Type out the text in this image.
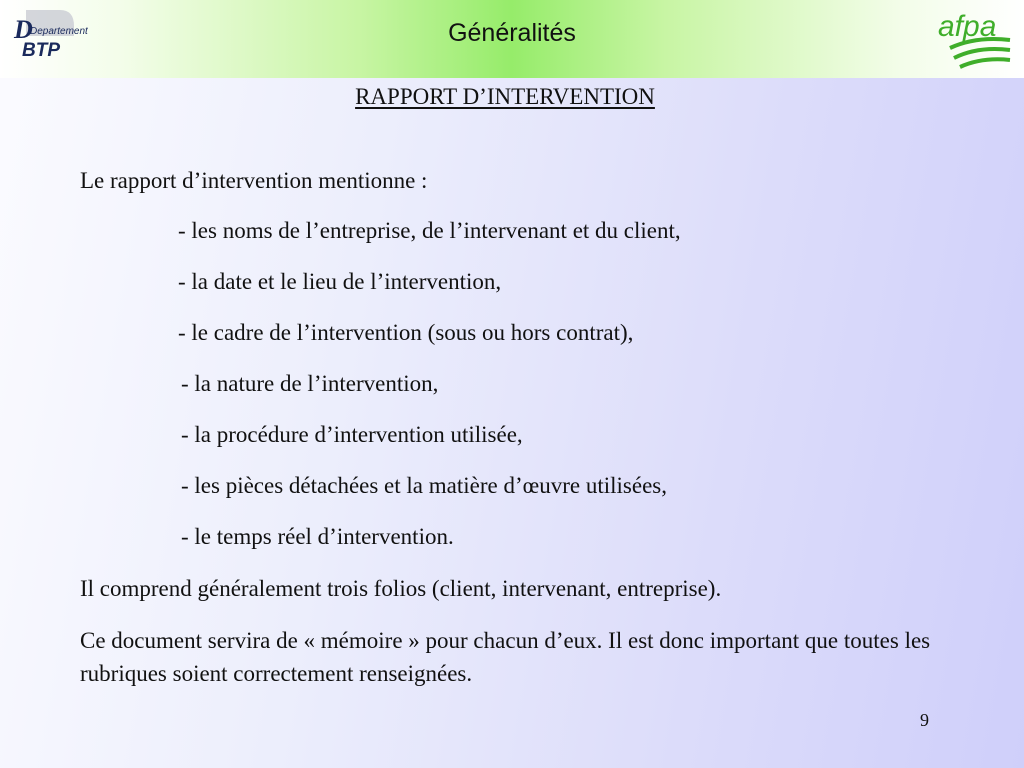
D
Departement
BTP
Généralités	afpa
RAPPORT D’INTERVENTION
Le rapport d’intervention mentionne :
- les noms de l’entreprise, de l’intervenant et du client,
- la date et le lieu de l’intervention,
- le cadre de l’intervention (sous ou hors contrat),
- la nature de l’intervention,
- la procédure d’intervention utilisée,
- les pièces détachées et la matière d’œuvre utilisées,
- le temps réel d’intervention.
Il comprend généralement trois folios (client, intervenant, entreprise).
Ce document servira de « mémoire » pour chacun d’eux. Il est donc important que toutes les rubriques soient correctement renseignées.
9
